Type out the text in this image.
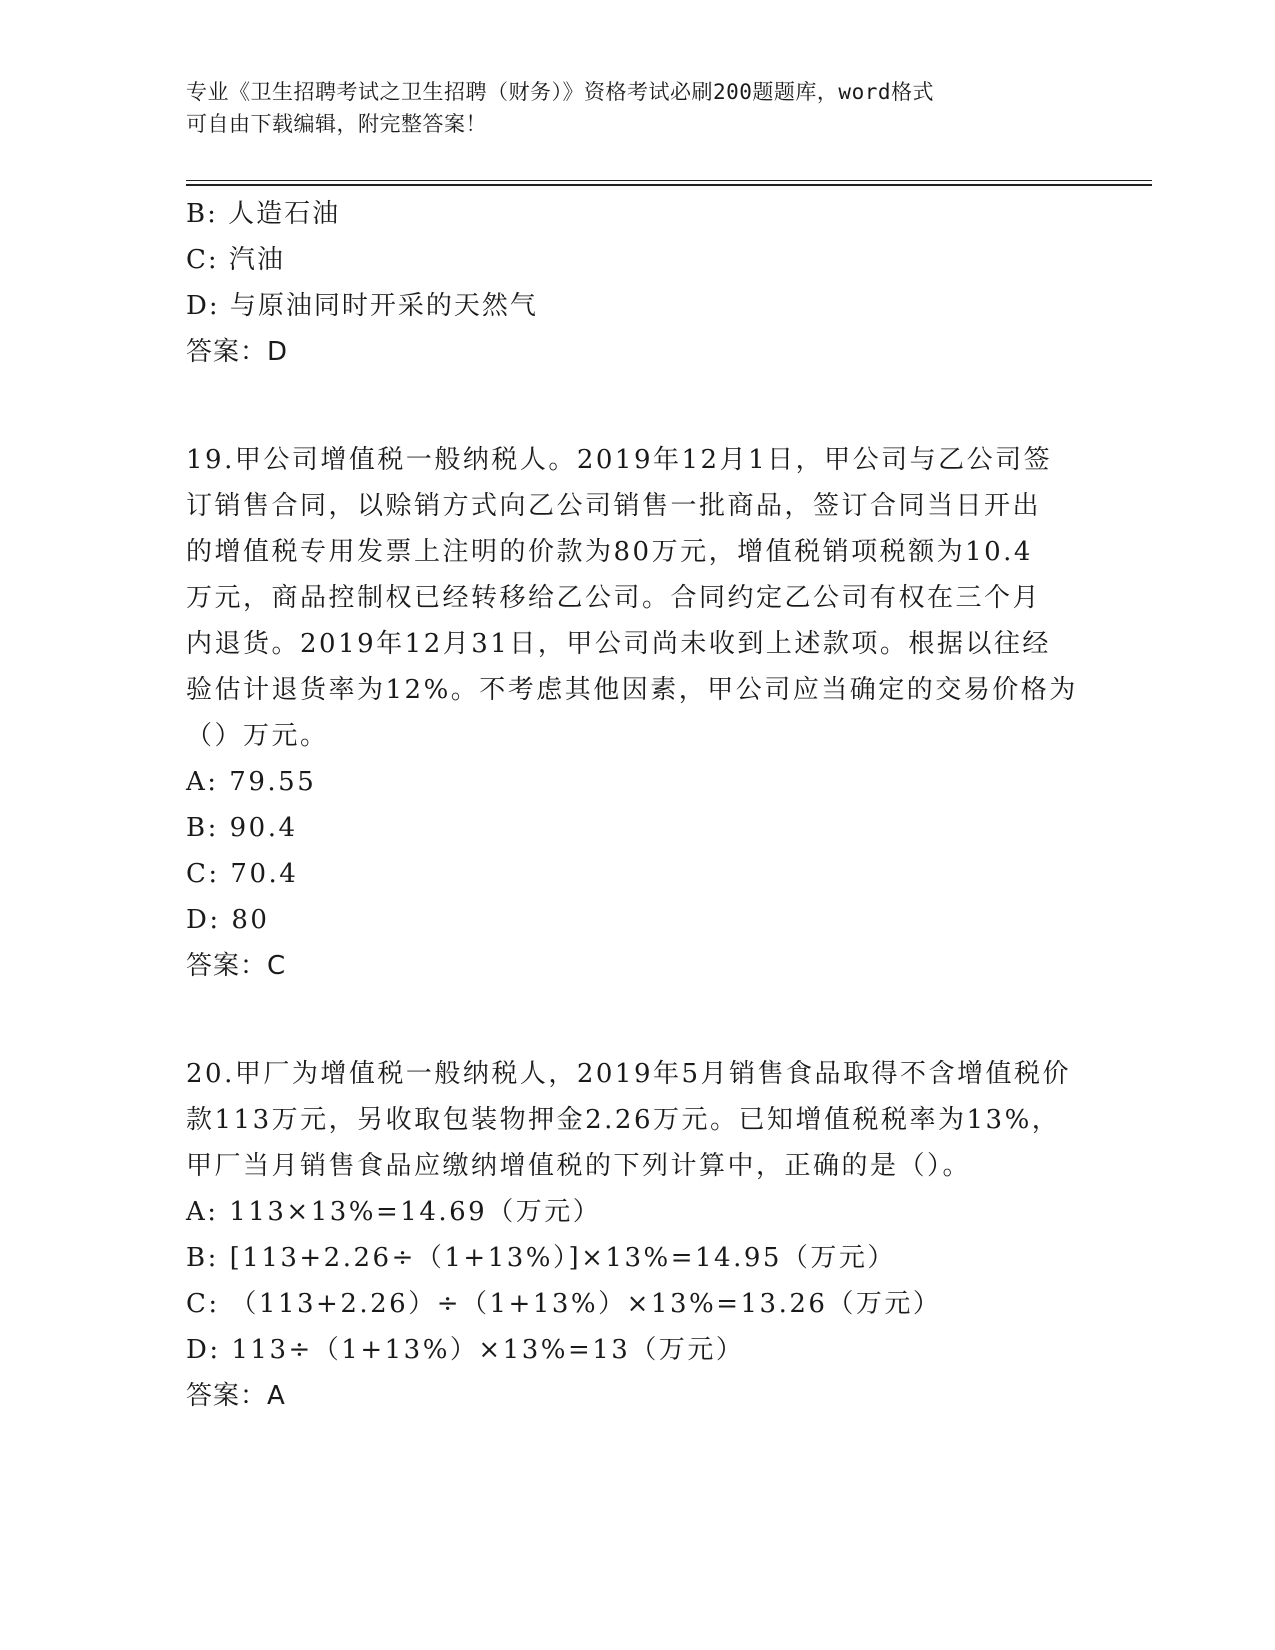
专业《卫生招聘考试之卫生招聘（财务）》资格考试必刷200题题库，word格式
可自由下载编辑，附完整答案！
B: 人造石油
C: 汽油
D: 与原油同时开采的天然气
答案：D
19.甲公司增值税一般纳税人。2019年12月1日，甲公司与乙公司签
订销售合同，以赊销方式向乙公司销售一批商品，签订合同当日开出
的增值税专用发票上注明的价款为80万元，增值税销项税额为10.4
万元，商品控制权已经转移给乙公司。合同约定乙公司有权在三个月
内退货。2019年12月31日，甲公司尚未收到上述款项。根据以往经
验估计退货率为12%。不考虑其他因素，甲公司应当确定的交易价格为
（）万元。
A: 79.55
B: 90.4
C: 70.4
D: 80
答案：C
20.甲厂为增值税一般纳税人，2019年5月销售食品取得不含增值税价
款113万元，另收取包装物押金2.26万元。已知增值税税率为13%，
甲厂当月销售食品应缴纳增值税的下列计算中，正确的是（）。
A: 113×13%=14.69（万元）
B: [113+2.26÷（1+13%）]×13%=14.95（万元）
C: （113+2.26）÷（1+13%）×13%=13.26（万元）
D: 113÷（1+13%）×13%=13（万元）
答案：A
